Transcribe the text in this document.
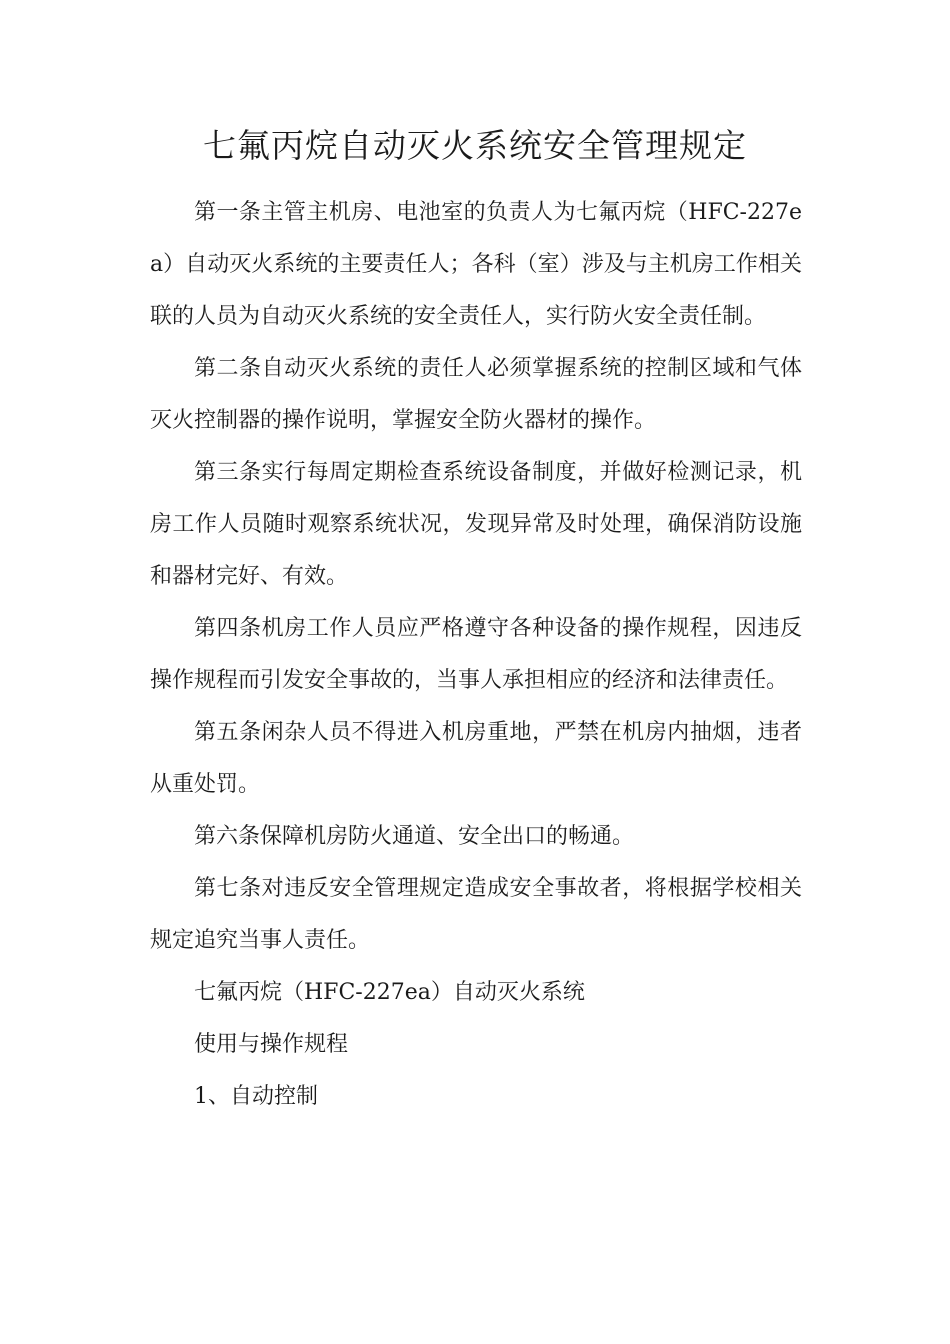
七氟丙烷自动灭火系统安全管理规定

第一条主管主机房、电池室的负责人为七氟丙烷（HFC-227ea）自动灭火系统的主要责任人；各科（室）涉及与主机房工作相关联的人员为自动灭火系统的安全责任人，实行防火安全责任制。

第二条自动灭火系统的责任人必须掌握系统的控制区域和气体灭火控制器的操作说明，掌握安全防火器材的操作。

第三条实行每周定期检查系统设备制度，并做好检测记录，机房工作人员随时观察系统状况，发现异常及时处理，确保消防设施和器材完好、有效。

第四条机房工作人员应严格遵守各种设备的操作规程，因违反操作规程而引发安全事故的，当事人承担相应的经济和法律责任。

第五条闲杂人员不得进入机房重地，严禁在机房内抽烟，违者从重处罚。

第六条保障机房防火通道、安全出口的畅通。

第七条对违反安全管理规定造成安全事故者，将根据学校相关规定追究当事人责任。

七氟丙烷（HFC-227ea）自动灭火系统

使用与操作规程

1、自动控制
